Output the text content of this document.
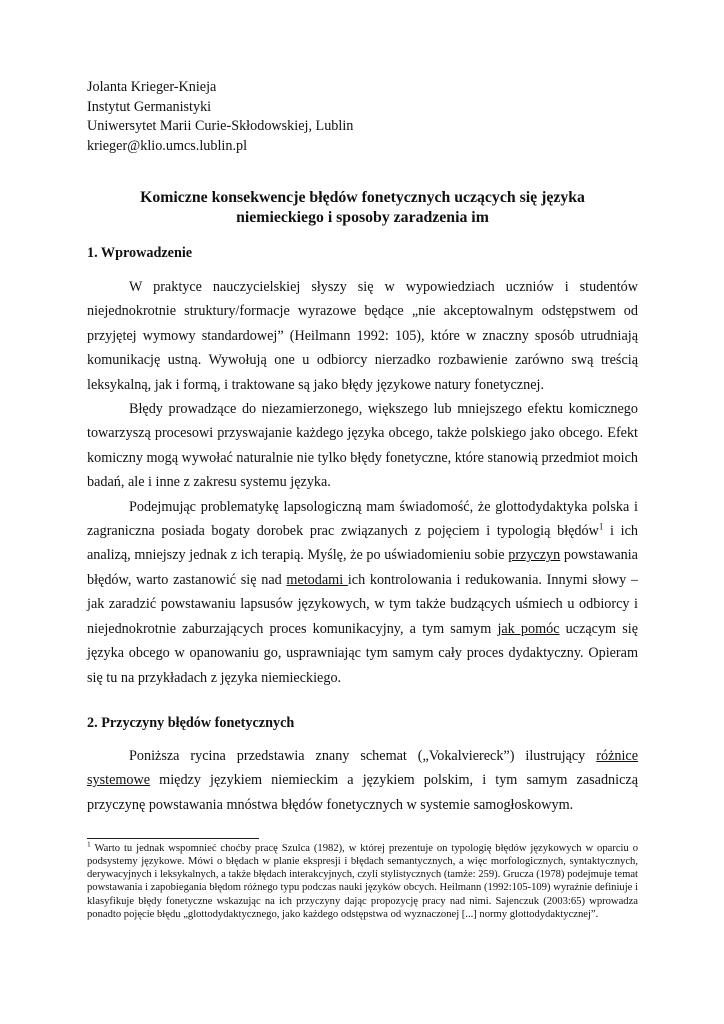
Jolanta Krieger-Knieja
Instytut Germanistyki
Uniwersytet Marii Curie-Skłodowskiej, Lublin
krieger@klio.umcs.lublin.pl
Komiczne konsekwencje błędów fonetycznych uczących się języka
niemieckiego i sposoby zaradzenia im
1. Wprowadzenie

W praktyce nauczycielskiej słyszy się w wypowiedziach uczniów i studentów niejednokrotnie struktury/formacje wyrazowe będące „nie akceptowalnym odstępstwem od przyjętej wymowy standardowej” (Heilmann 1992: 105), które w znaczny sposób utrudniają komunikację ustną. Wywołują one u odbiorcy nierzadko rozbawienie zarówno swą treścią leksykalną, jak i formą, i traktowane są jako błędy językowe natury fonetycznej.

Błędy prowadzące do niezamierzonego, większego lub mniejszego efektu komicznego towarzyszą procesowi przyswajanie każdego języka obcego, także polskiego jako obcego. Efekt komiczny mogą wywołać naturalnie nie tylko błędy fonetyczne, które stanowią przedmiot moich badań, ale i inne z zakresu systemu języka.

Podejmując problematykę lapsologiczną mam świadomość, że glottodydaktyka polska i zagraniczna posiada bogaty dorobek prac związanych z pojęciem i typologią błędów$^1$ i ich analizą, mniejszy jednak z ich terapią. Myślę, że po uświadomieniu sobie przyczyn powstawania błędów, warto zastanowić się nad metodami ich kontrolowania i redukowania. Innymi słowy – jak zaradzić powstawaniu lapsusów językowych, w tym także budzących uśmiech u odbiorcy i niejednokrotnie zaburzających proces komunikacyjny, a tym samym jak pomóc uczącym się języka obcego w opanowaniu go, usprawniając tym samym cały proces dydaktyczny. Opieram się tu na przykładach z języka niemieckiego.

2. Przyczyny błędów fonetycznych

Poniższa rycina przedstawia znany schemat („Vokalviereck”) ilustrujący różnice systemowe między językiem niemieckim a językiem polskim, i tym samym zasadniczą przyczynę powstawania mnóstwa błędów fonetycznych w systemie samogłoskowym.

$^1$ Warto tu jednak wspomnieć choćby pracę Szulca (1982), w której prezentuje on typologię błędów językowych w oparciu o podsystemy językowe. Mówi o błędach w planie ekspresji i błędach semantycznych, a więc morfologicznych, syntaktycznych, derywacyjnych i leksykalnych, a także błędach interakcyjnych, czyli stylistycznych (tamże: 259). Grucza (1978) podejmuje temat powstawania i zapobiegania błędom różnego typu podczas nauki języków obcych. Heilmann (1992:105-109) wyraźnie definiuje i klasyfikuje błędy fonetyczne wskazując na ich przyczyny dając propozycję pracy nad nimi. Sajenczuk (2003:65) wprowadza ponadto pojęcie błędu „glottodydaktycznego, jako każdego odstępstwa od wyznaczonej [...] normy glottodydaktycznej”.
